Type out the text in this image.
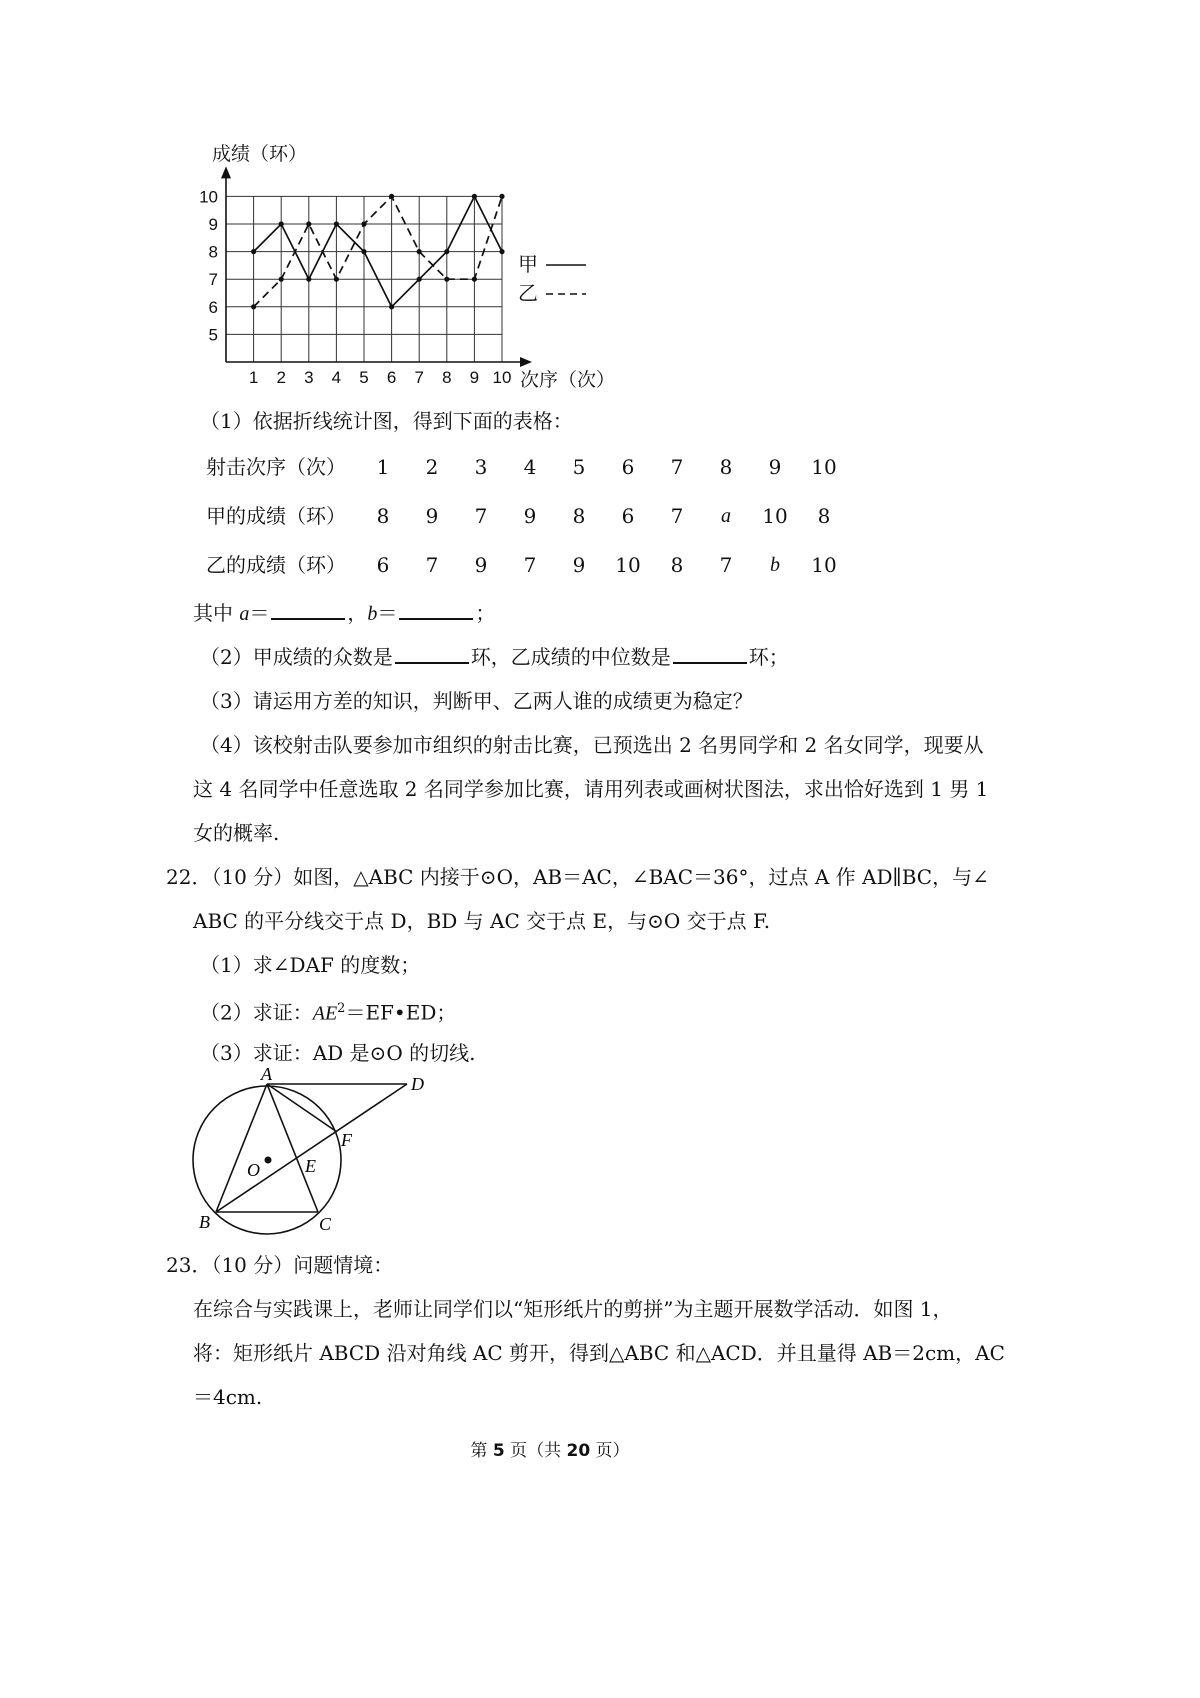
成绩（环）
5
6
7
8
9
10
1 2 3 4 5 6 7 8 9 10 次序（次）
甲
乙
（1）依据折线统计图，得到下面的表格：
射击次序（次）	1	2	3	4	5	6	7	8	9	10
甲的成绩（环）	8	9	7	9	8	6	7	a	10	8
乙的成绩（环）	6	7	9	7	9	10	8	7	b	10
其中 a＝	，b＝	；
（2）甲成绩的众数是	环，乙成绩的中位数是	环；
（3）请运用方差的知识，判断甲、乙两人谁的成绩更为稳定？
（4）该校射击队要参加市组织的射击比赛，已预选出 2 名男同学和 2 名女同学，现要从
这 4 名同学中任意选取 2 名同学参加比赛，请用列表或画树状图法，求出恰好选到 1 男 1
女的概率.
22．（10 分）如图，△ABC 内接于⊙O，AB＝AC，∠BAC＝36°，过点 A 作 AD∥BC，与∠
ABC 的平分线交于点 D，BD 与 AC 交于点 E，与⊙O 交于点 F.
（1）求∠DAF 的度数；
（2）求证：$AE^2=EF•ED$；
（3）求证：AD 是⊙O 的切线.
A
B	C
D
E
F
O
23．（10 分）问题情境：
在综合与实践课上，老师让同学们以“矩形纸片的剪拼”为主题开展数学活动．如图 1，
将：矩形纸片 ABCD 沿对角线 AC 剪开，得到△ABC 和△ACD．并且量得 AB＝2cm，AC
＝4cm.
第 5 页（共 20 页）
